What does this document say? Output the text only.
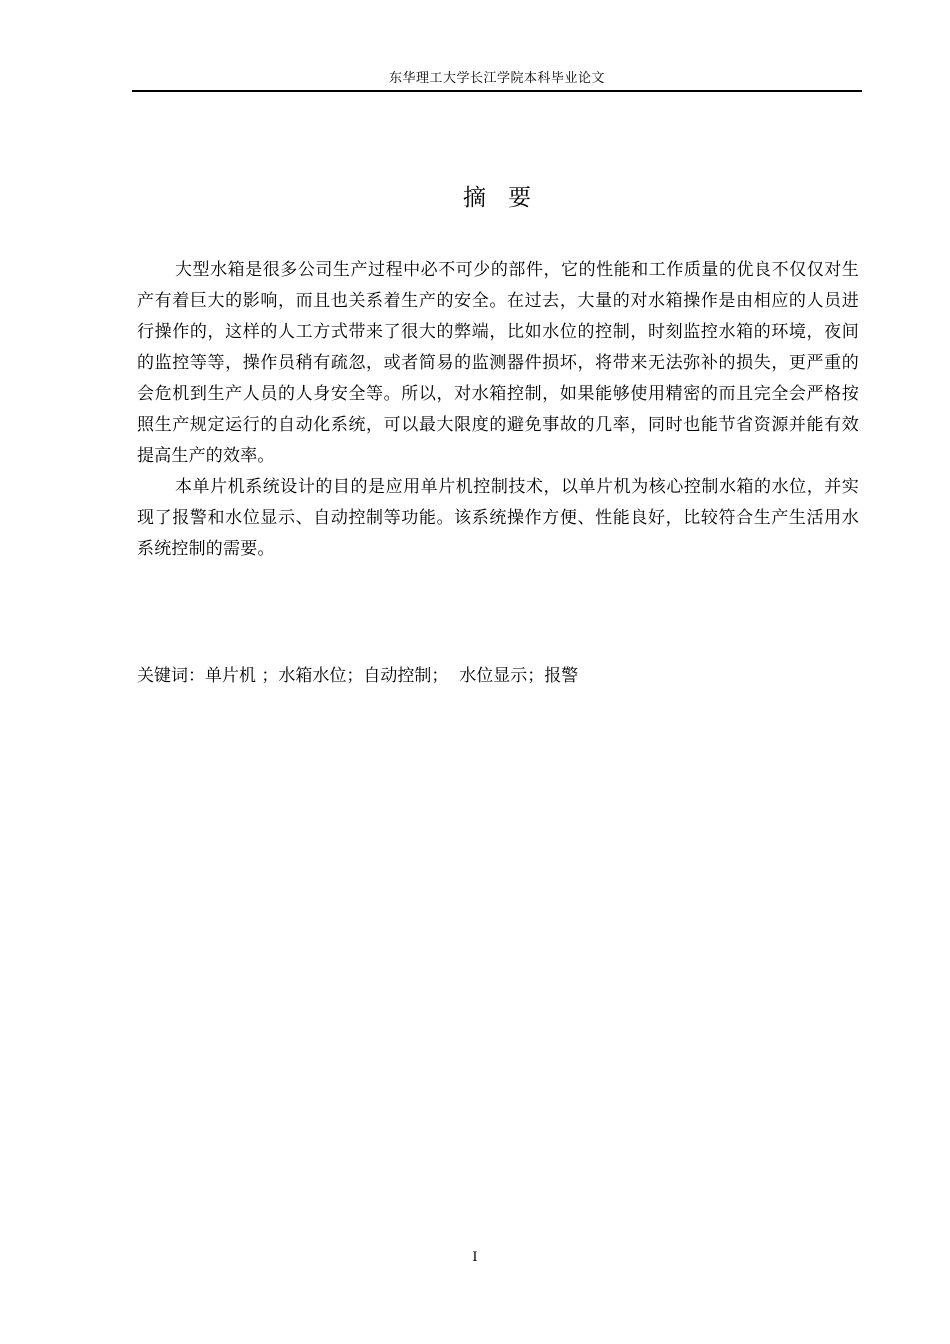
东华理工大学长江学院本科毕业论文
摘要

大型水箱是很多公司生产过程中必不可少的部件，它的性能和工作质量的优良不仅仅对生产有着巨大的影响，而且也关系着生产的安全。在过去，大量的对水箱操作是由相应的人员进行操作的，这样的人工方式带来了很大的弊端，比如水位的控制，时刻监控水箱的环境，夜间的监控等等，操作员稍有疏忽，或者简易的监测器件损坏，将带来无法弥补的损失，更严重的会危机到生产人员的人身安全等。所以，对水箱控制，如果能够使用精密的而且完全会严格按照生产规定运行的自动化系统，可以最大限度的避免事故的几率，同时也能节省资源并能有效提高生产的效率。

本单片机系统设计的目的是应用单片机控制技术，以单片机为核心控制水箱的水位，并实现了报警和水位显示、自动控制等功能。该系统操作方便、性能良好，比较符合生产生活用水系统控制的需要。

关键词：单片机 ；水箱水位；自动控制；  水位显示；报警
I
